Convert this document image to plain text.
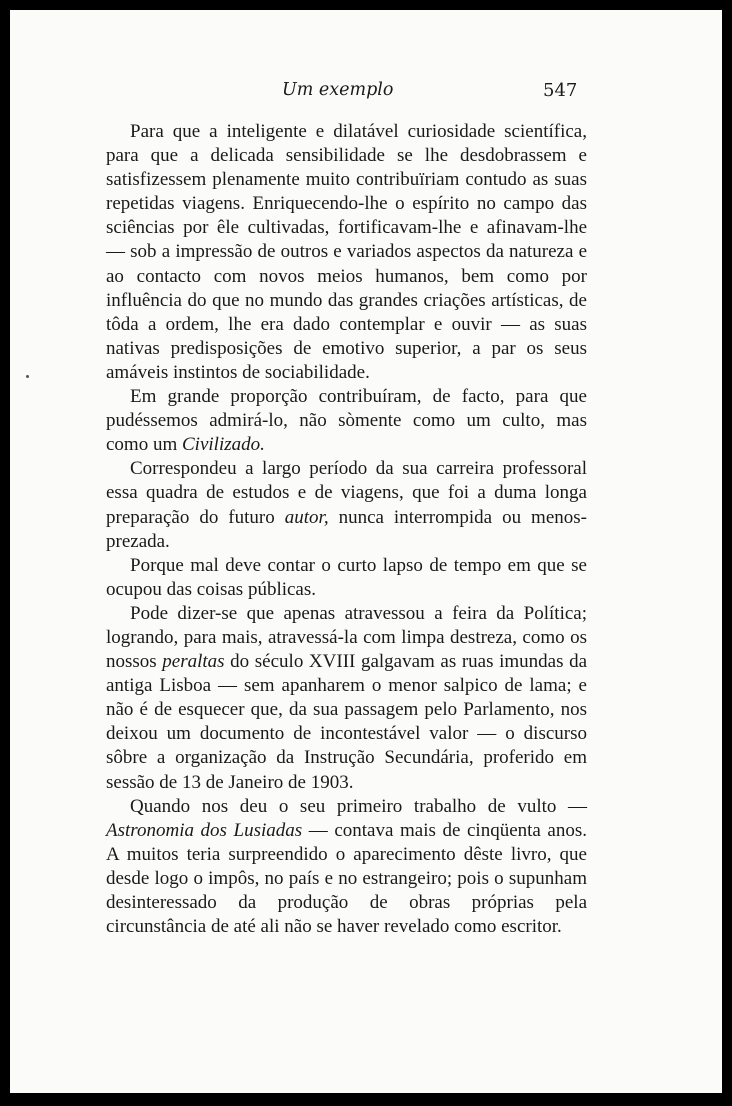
Um exemplo	547

Para que a inteligente e dilatável curiosidade scientífica, para que a delicada sensibilidade se lhe desdobrassem e satisfizessem plenamente muito contribuïriam contudo as suas repetidas viagens. Enriquecendo-lhe o espírito no campo das sciências por êle cultivadas, fortificavam-lhe e afinavam-lhe — sob a impressão de outros e variados aspectos da natureza e ao contacto com novos meios humanos, bem como por influência do que no mundo das grandes criações artísticas, de tôda a ordem, lhe era dado contemplar e ouvir — as suas nativas predisposições de emotivo superior, a par os seus amáveis instintos de sociabilidade.

Em grande proporção contribuíram, de facto, para que pudéssemos admirá-lo, não sòmente como um culto, mas como um Civilizado.

Correspondeu a largo período da sua carreira professoral essa quadra de estudos e de viagens, que foi a duma longa preparação do futuro autor, nunca interrompida ou menos-prezada.

Porque mal deve contar o curto lapso de tempo em que se ocupou das coisas públicas.

Pode dizer-se que apenas atravessou a feira da Política; logrando, para mais, atravessá-la com limpa destreza, como os nossos peraltas do século XVIII galgavam as ruas imundas da antiga Lisboa — sem apanharem o menor salpico de lama; e não é de esquecer que, da sua passagem pelo Parlamento, nos deixou um documento de incontestável valor — o discurso sôbre a organização da Instrução Secundária, proferido em sessão de 13 de Janeiro de 1903.

Quando nos deu o seu primeiro trabalho de vulto — Astronomia dos Lusiadas — contava mais de cinqüenta anos. A muitos teria surpreendido o aparecimento dêste livro, que desde logo o impôs, no país e no estrangeiro; pois o supunham desinteressado da produção de obras próprias pela circunstância de até ali não se haver revelado como escritor.
